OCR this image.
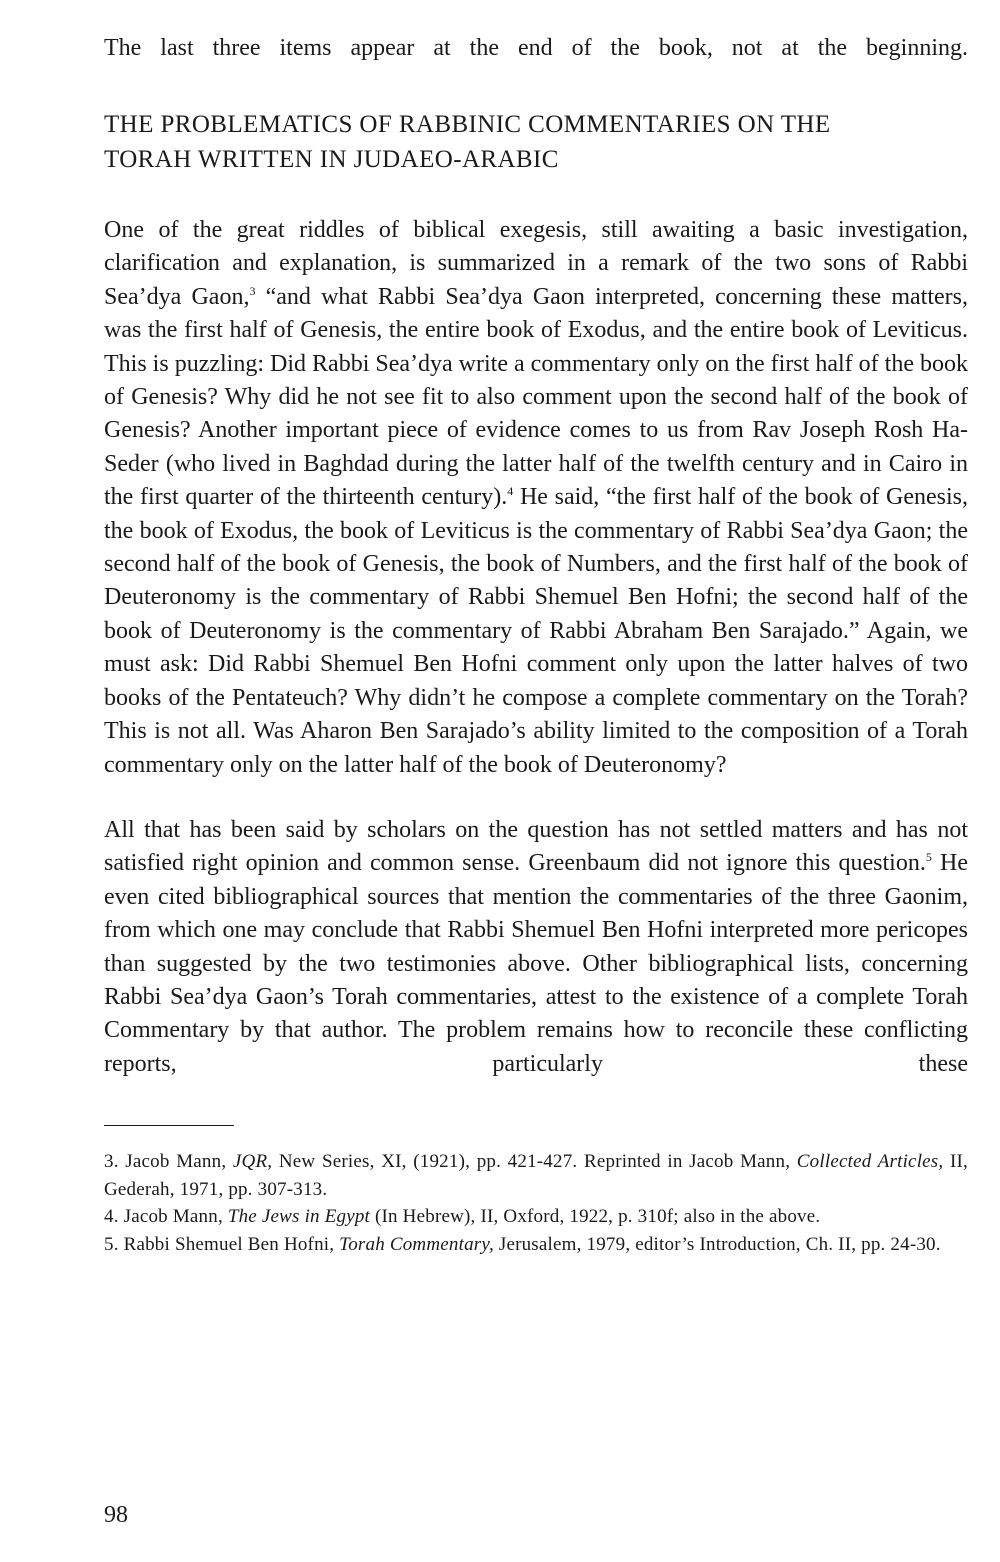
The last three items appear at the end of the book, not at the beginning.

THE PROBLEMATICS OF RABBINIC COMMENTARIES ON THE
TORAH WRITTEN IN JUDAEO-ARABIC

One of the great riddles of biblical exegesis, still awaiting a basic investigation, clarification and explanation, is summarized in a remark of the two sons of Rabbi Sea’dya Gaon,$^3$ “and what Rabbi Sea’dya Gaon interpreted, concerning these matters, was the first half of Genesis, the entire book of Exodus, and the entire book of Leviticus. This is puzzling: Did Rabbi Sea’dya write a commentary only on the first half of the book of Genesis? Why did he not see fit to also comment upon the second half of the book of Genesis? Another important piece of evidence comes to us from Rav Joseph Rosh Ha-Seder (who lived in Baghdad during the latter half of the twelfth century and in Cairo in the first quarter of the thirteenth century).$^4$ He said, “the first half of the book of Genesis, the book of Exodus, the book of Leviticus is the commentary of Rabbi Sea’dya Gaon; the second half of the book of Genesis, the book of Numbers, and the first half of the book of Deuteronomy is the commentary of Rabbi Shemuel Ben Hofni; the second half of the book of Deuteronomy is the commentary of Rabbi Abraham Ben Sarajado.” Again, we must ask: Did Rabbi Shemuel Ben Hofni comment only upon the latter halves of two books of the Pentateuch? Why didn’t he compose a complete commentary on the Torah? This is not all. Was Aharon Ben Sarajado’s ability limited to the composition of a Torah commentary only on the latter half of the book of Deuteronomy?

All that has been said by scholars on the question has not settled matters and has not satisfied right opinion and common sense. Greenbaum did not ignore this question.$^5$ He even cited bibliographical sources that mention the commentaries of the three Gaonim, from which one may conclude that Rabbi Shemuel Ben Hofni interpreted more pericopes than suggested by the two testimonies above. Other bibliographical lists, concerning Rabbi Sea’dya Gaon’s Torah commentaries, attest to the existence of a complete Torah Commentary by that author. The problem remains how to reconcile these conflicting reports, particularly these

3. Jacob Mann, JQR, New Series, XI, (1921), pp. 421-427. Reprinted in Jacob Mann, Collected Articles, II, Gederah, 1971, pp. 307-313.

4. Jacob Mann, The Jews in Egypt (In Hebrew), II, Oxford, 1922, p. 310f; also in the above.

5. Rabbi Shemuel Ben Hofni, Torah Commentary, Jerusalem, 1979, editor’s Introduction, Ch. II, pp. 24-30.

98
